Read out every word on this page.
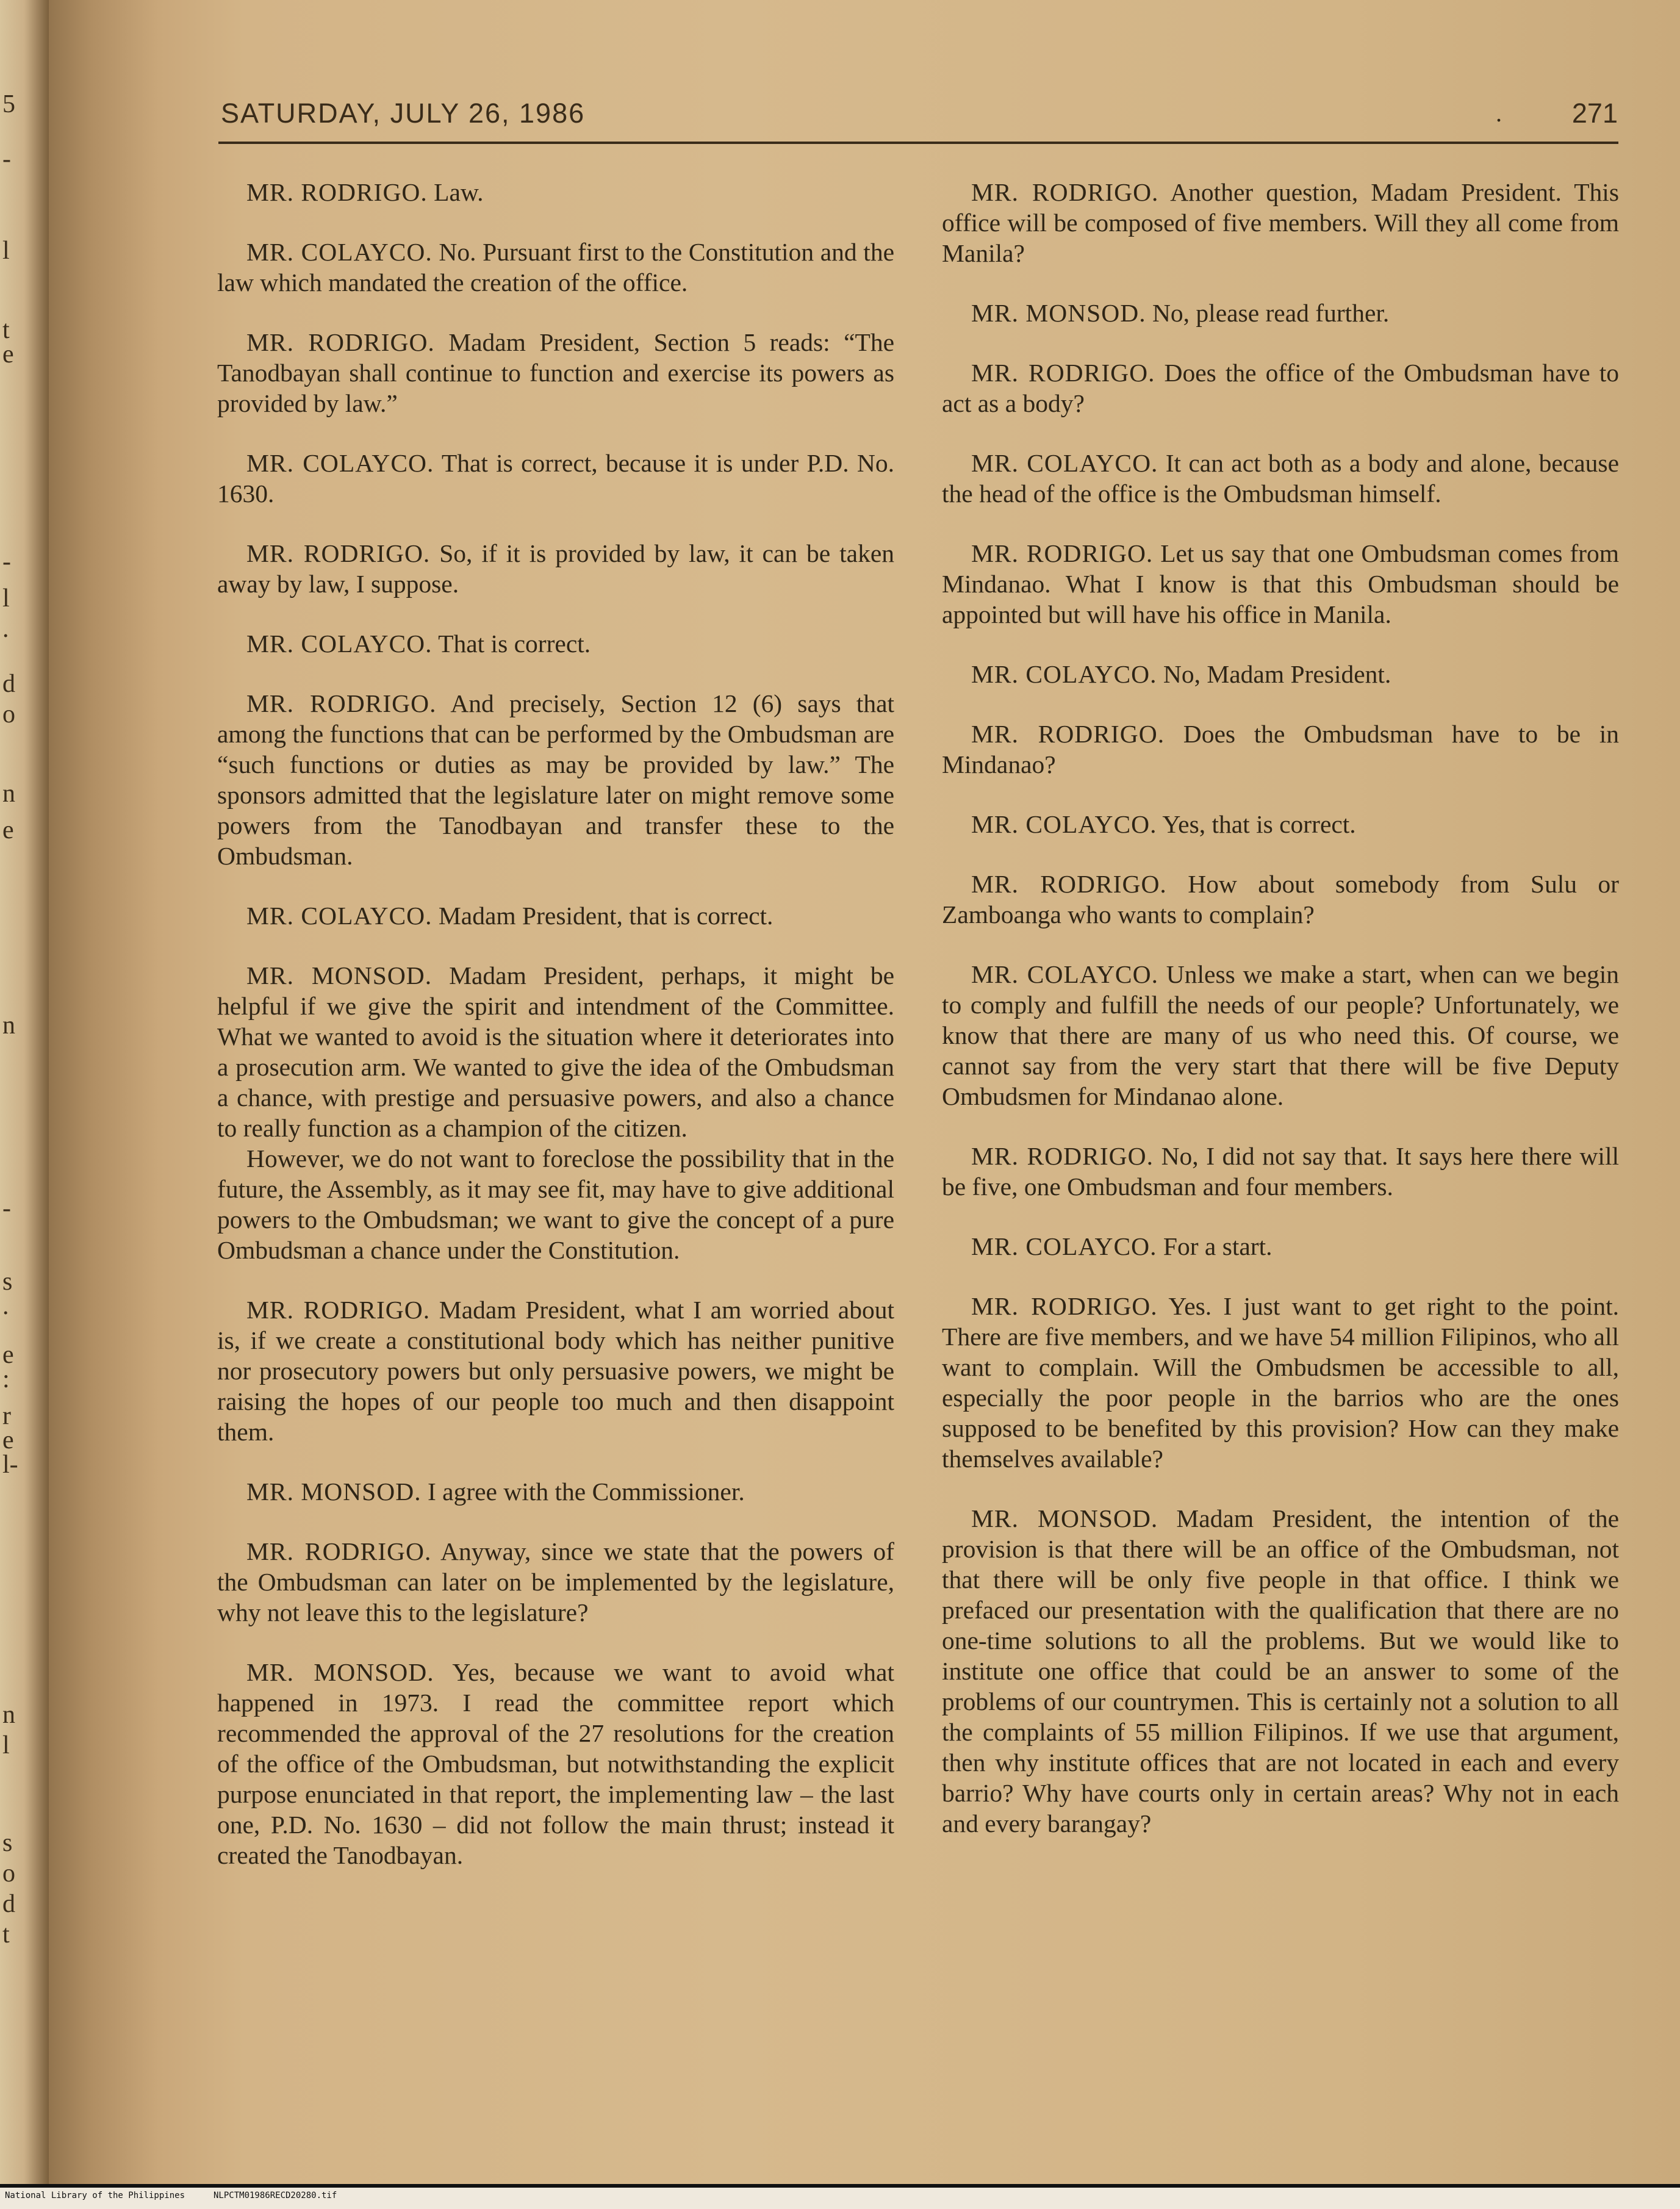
5
-
l
t
e
-
l
.
d
o
n
e
n
-
s
.
e
:
r
e
l-
n
l
s
o
d
t
SATURDAY, JULY 26, 1986	.	271

MR. RODRIGO. Law.

MR. COLAYCO. No. Pursuant first to the Constitution and the law which mandated the creation of the office.

MR. RODRIGO. Madam President, Section 5 reads: “The Tanodbayan shall continue to function and exercise its powers as provided by law.”

MR. COLAYCO. That is correct, because it is under P.D. No. 1630.

MR. RODRIGO. So, if it is provided by law, it can be taken away by law, I suppose.

MR. COLAYCO. That is correct.

MR. RODRIGO. And precisely, Section 12 (6) says that among the functions that can be performed by the Ombudsman are “such functions or duties as may be provided by law.” The sponsors admitted that the legislature later on might remove some powers from the Tanodbayan and transfer these to the Ombudsman.

MR. COLAYCO. Madam President, that is correct.

MR. MONSOD. Madam President, perhaps, it might be helpful if we give the spirit and intendment of the Committee. What we wanted to avoid is the situation where it deteriorates into a prosecution arm. We wanted to give the idea of the Ombudsman a chance, with prestige and persuasive powers, and also a chance to really function as a champion of the citizen.

However, we do not want to foreclose the possibility that in the future, the Assembly, as it may see fit, may have to give additional powers to the Ombudsman; we want to give the concept of a pure Ombudsman a chance under the Constitution.

MR. RODRIGO. Madam President, what I am worried about is, if we create a constitutional body which has neither punitive nor prosecutory powers but only persuasive powers, we might be raising the hopes of our people too much and then disappoint them.

MR. MONSOD. I agree with the Commissioner.

MR. RODRIGO. Anyway, since we state that the powers of the Ombudsman can later on be implemented by the legislature, why not leave this to the legislature?

MR. MONSOD. Yes, because we want to avoid what happened in 1973. I read the committee report which recommended the approval of the 27 resolutions for the creation of the office of the Ombudsman, but notwithstanding the explicit purpose enunciated in that report, the implementing law – the last one, P.D. No. 1630 – did not follow the main thrust; instead it created the Tanodbayan.

MR. RODRIGO. Another question, Madam President. This office will be composed of five members. Will they all come from Manila?

MR. MONSOD. No, please read further.

MR. RODRIGO. Does the office of the Ombudsman have to act as a body?

MR. COLAYCO. It can act both as a body and alone, because the head of the office is the Ombudsman himself.

MR. RODRIGO. Let us say that one Ombudsman comes from Mindanao. What I know is that this Ombudsman should be appointed but will have his office in Manila.

MR. COLAYCO. No, Madam President.

MR. RODRIGO. Does the Ombudsman have to be in Mindanao?

MR. COLAYCO. Yes, that is correct.

MR. RODRIGO. How about somebody from Sulu or Zamboanga who wants to complain?

MR. COLAYCO. Unless we make a start, when can we begin to comply and fulfill the needs of our people? Unfortunately, we know that there are many of us who need this. Of course, we cannot say from the very start that there will be five Deputy Ombudsmen for Mindanao alone.

MR. RODRIGO. No, I did not say that. It says here there will be five, one Ombudsman and four members.

MR. COLAYCO. For a start.

MR. RODRIGO. Yes. I just want to get right to the point. There are five members, and we have 54 million Filipinos, who all want to complain. Will the Ombudsmen be accessible to all, especially the poor people in the barrios who are the ones supposed to be benefited by this provision? How can they make themselves available?

MR. MONSOD. Madam President, the intention of the provision is that there will be an office of the Ombudsman, not that there will be only five people in that office. I think we prefaced our presentation with the qualification that there are no one-time solutions to all the problems. But we would like to institute one office that could be an answer to some of the problems of our countrymen. This is certainly not a solution to all the complaints of 55 million Filipinos. If we use that argument, then why institute offices that are not located in each and every barrio? Why have courts only in certain areas? Why not in each and every barangay?

National Library of the Philippines	NLPCTM01986RECD20280.tif
